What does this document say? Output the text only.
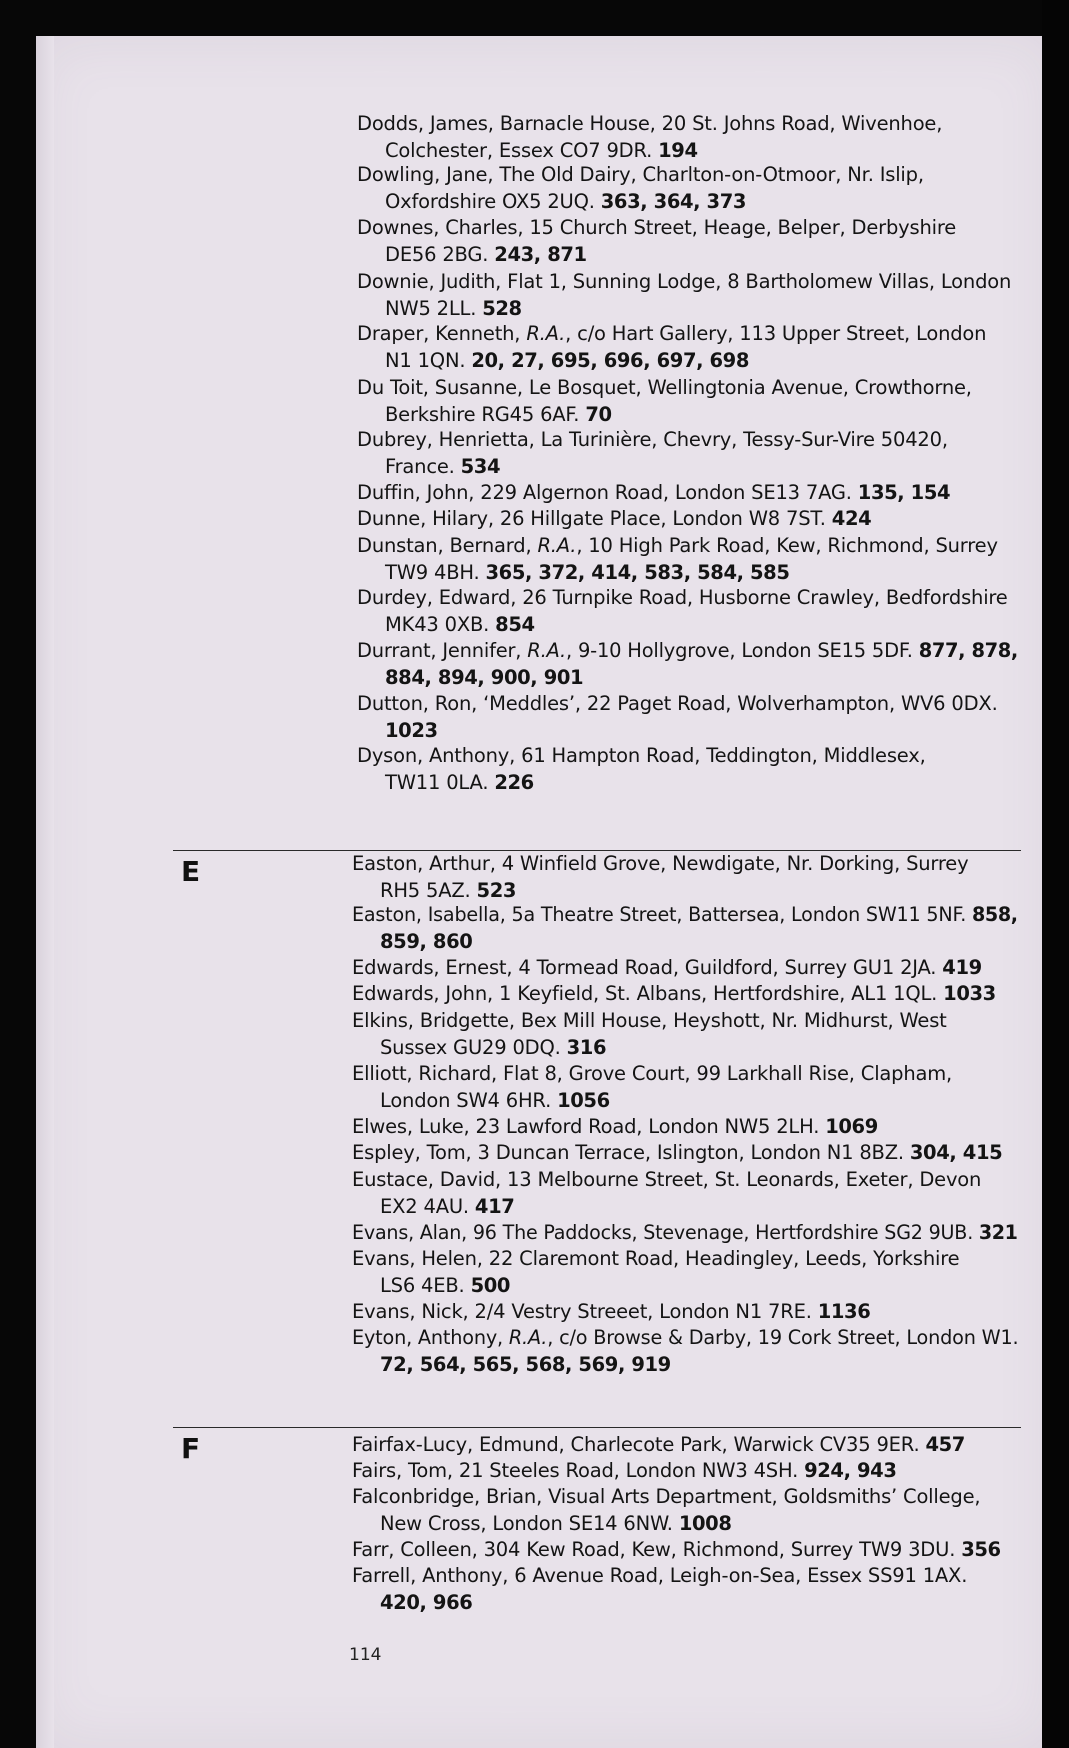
Dodds, James, Barnacle House, 20 St. Johns Road, Wivenhoe,
Colchester, Essex CO7 9DR. 194
Dowling, Jane, The Old Dairy, Charlton-on-Otmoor, Nr. Islip,
Oxfordshire OX5 2UQ. 363, 364, 373
Downes, Charles, 15 Church Street, Heage, Belper, Derbyshire
DE56 2BG. 243, 871
Downie, Judith, Flat 1, Sunning Lodge, 8 Bartholomew Villas, London
NW5 2LL. 528
Draper, Kenneth, R.A., c/o Hart Gallery, 113 Upper Street, London
N1 1QN. 20, 27, 695, 696, 697, 698
Du Toit, Susanne, Le Bosquet, Wellingtonia Avenue, Crowthorne,
Berkshire RG45 6AF. 70
Dubrey, Henrietta, La Turinière, Chevry, Tessy-Sur-Vire 50420,
France. 534
Duffin, John, 229 Algernon Road, London SE13 7AG. 135, 154
Dunne, Hilary, 26 Hillgate Place, London W8 7ST. 424
Dunstan, Bernard, R.A., 10 High Park Road, Kew, Richmond, Surrey
TW9 4BH. 365, 372, 414, 583, 584, 585
Durdey, Edward, 26 Turnpike Road, Husborne Crawley, Bedfordshire
MK43 0XB. 854
Durrant, Jennifer, R.A., 9-10 Hollygrove, London SE15 5DF. 877, 878,
884, 894, 900, 901
Dutton, Ron, ‘Meddles’, 22 Paget Road, Wolverhampton, WV6 0DX.
1023
Dyson, Anthony, 61 Hampton Road, Teddington, Middlesex,
TW11 0LA. 226
Easton, Arthur, 4 Winfield Grove, Newdigate, Nr. Dorking, Surrey
RH5 5AZ. 523
Easton, Isabella, 5a Theatre Street, Battersea, London SW11 5NF. 858,
859, 860
Edwards, Ernest, 4 Tormead Road, Guildford, Surrey GU1 2JA. 419
Edwards, John, 1 Keyfield, St. Albans, Hertfordshire, AL1 1QL. 1033
Elkins, Bridgette, Bex Mill House, Heyshott, Nr. Midhurst, West
Sussex GU29 0DQ. 316
Elliott, Richard, Flat 8, Grove Court, 99 Larkhall Rise, Clapham,
London SW4 6HR. 1056
Elwes, Luke, 23 Lawford Road, London NW5 2LH. 1069
Espley, Tom, 3 Duncan Terrace, Islington, London N1 8BZ. 304, 415
Eustace, David, 13 Melbourne Street, St. Leonards, Exeter, Devon
EX2 4AU. 417
Evans, Alan, 96 The Paddocks, Stevenage, Hertfordshire SG2 9UB. 321
Evans, Helen, 22 Claremont Road, Headingley, Leeds, Yorkshire
LS6 4EB. 500
Evans, Nick, 2/4 Vestry Streeet, London N1 7RE. 1136
Eyton, Anthony, R.A., c/o Browse & Darby, 19 Cork Street, London W1.
72, 564, 565, 568, 569, 919
Fairfax-Lucy, Edmund, Charlecote Park, Warwick CV35 9ER. 457
Fairs, Tom, 21 Steeles Road, London NW3 4SH. 924, 943
Falconbridge, Brian, Visual Arts Department, Goldsmiths’ College,
New Cross, London SE14 6NW. 1008
Farr, Colleen, 304 Kew Road, Kew, Richmond, Surrey TW9 3DU. 356
Farrell, Anthony, 6 Avenue Road, Leigh-on-Sea, Essex SS91 1AX.
420, 966
E
F
114
